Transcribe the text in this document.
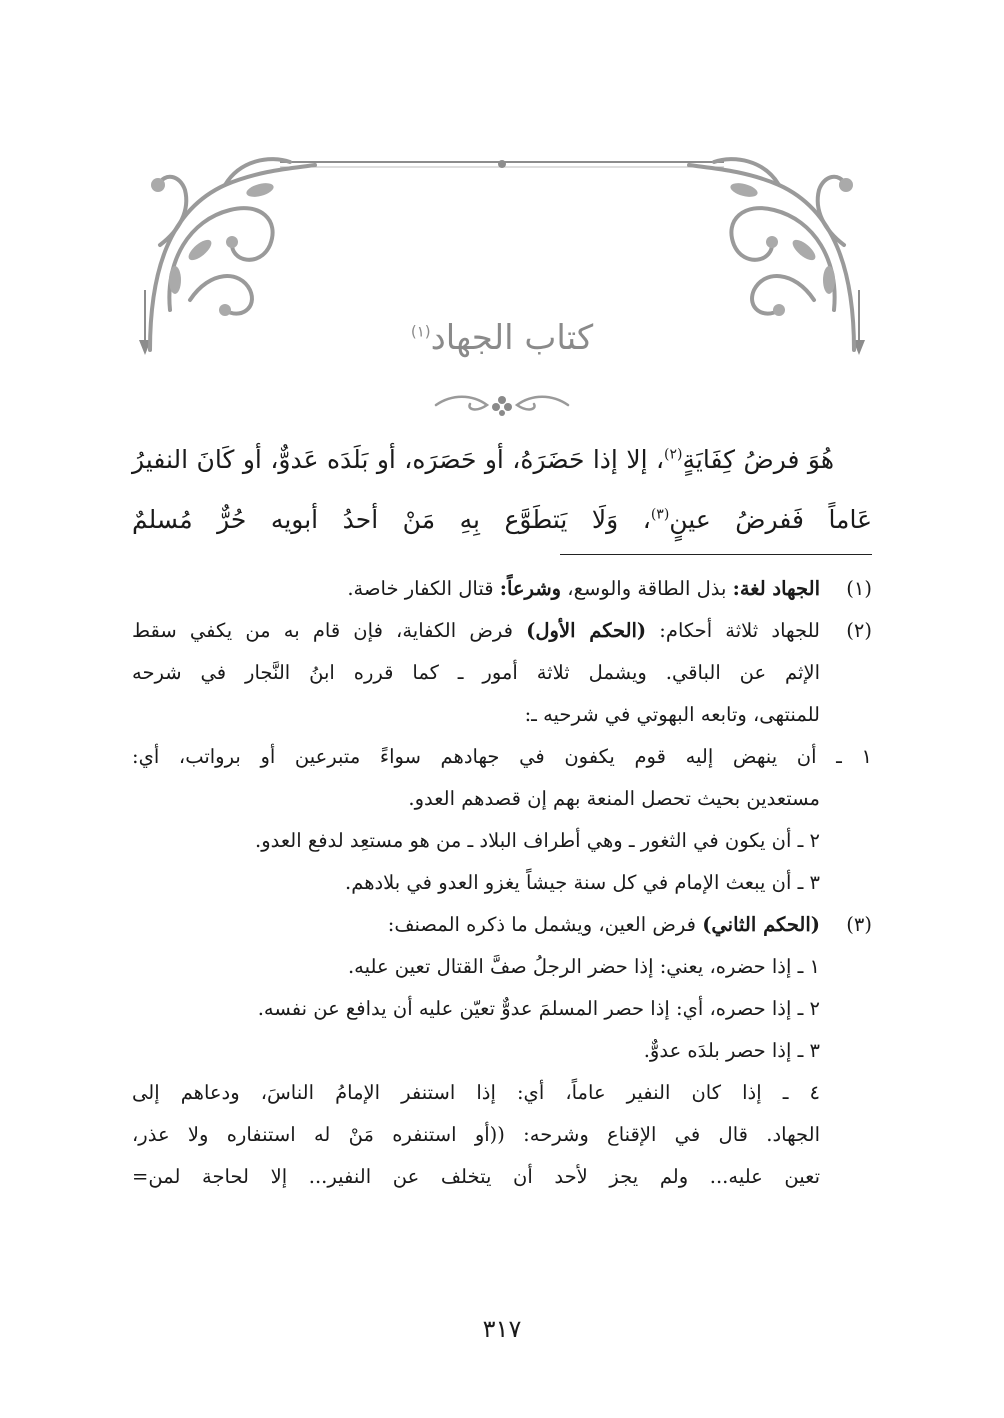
كتاب الجهاد$^{(١)}$

هُوَ فرضُ كِفَايَةٍ$^{(٢)}$، إلا إذا حَضَرَهُ، أو حَصَرَه، أو بَلَدَه عَدوٌّ، أو كَانَ النفيرُ عَاماً فَفرضُ عينٍ$^{(٣)}$، وَلَا يَتطَوَّع بِهِ مَنْ أحدُ أبويه حُرٌّ مُسلمٌ

(١)
الجهاد لغة: بذل الطاقة والوسع، وشرعاً: قتال الكفار خاصة.
(٢)
للجهاد ثلاثة أحكام: (الحكم الأول) فرض الكفاية، فإن قام به من يكفي سقط

الإثم عن الباقي. ويشمل ثلاثة أمور ـ كما قرره ابنُ النَّجار في شرحه

للمنتهى، وتابعه البهوتي في شرحيه ـ:

١ ـ أن ينهض إليه قوم يكفون في جهادهم سواءً متبرعين أو برواتب، أي:

مستعدين بحيث تحصل المنعة بهم إن قصدهم العدو.

٢ ـ أن يكون في الثغور ـ وهي أطراف البلاد ـ من هو مستعِد لدفع العدو.

٣ ـ أن يبعث الإمام في كل سنة جيشاً يغزو العدو في بلادهم.

(٣)
(الحكم الثاني) فرض العين، ويشمل ما ذكره المصنف:

١ ـ إذا حضره، يعني: إذا حضر الرجلُ صفَّ القتال تعين عليه.

٢ ـ إذا حصره، أي: إذا حصر المسلمَ عدوٌّ تعيّن عليه أن يدافع عن نفسه.

٣ ـ إذا حصر بلدَه عدوٌّ.

٤ ـ إذا كان النفير عاماً، أي: إذا استنفر الإمامُ الناسَ، ودعاهم إلى

الجهاد. قال في الإقناع وشرحه: ((أو استنفره مَنْ له استنفاره ولا عذر،

تعين عليه... ولم يجز لأحد أن يتخلف عن النفير... إلا لحاجة لمن=

٣١٧
